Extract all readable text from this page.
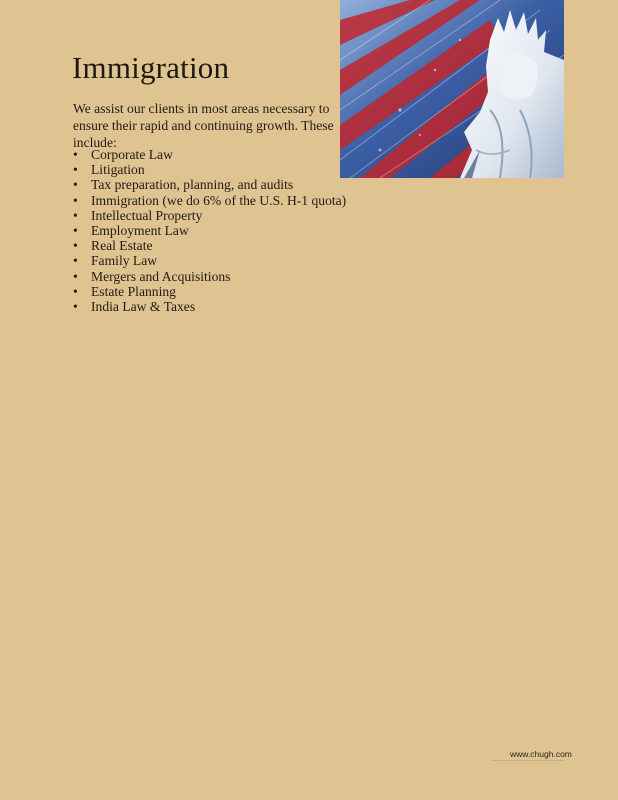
Immigration

We assist our clients in most areas necessary to ensure their rapid and continuing growth. These include:

• Corporate Law
• Litigation
• Tax preparation, planning, and audits
• Immigration (we do 6% of the U.S. H-1 quota)
• Intellectual Property
• Employment Law
• Real Estate
• Family Law
• Mergers and Acquisitions
• Estate Planning
• India Law & Taxes
www.chugh.com
